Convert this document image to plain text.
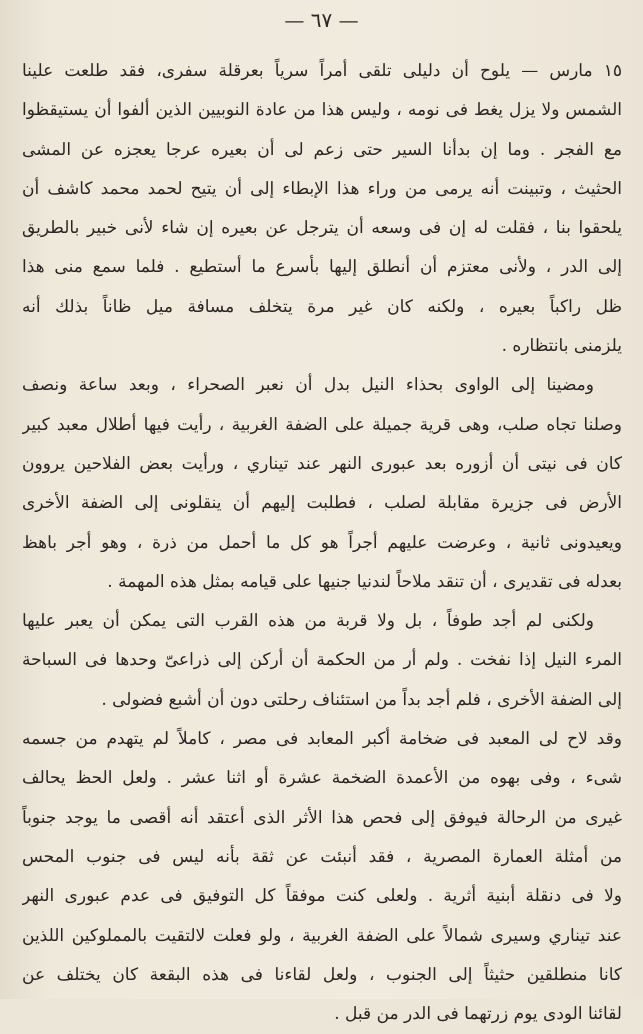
— ٦٧ —
١٥ مارس — يلوح أن دليلى تلقى أمراً سرياً بعرقلة سفرى، فقد طلعت علينا
الشمس ولا يزل يغط فى نومه ، وليس هذا من عادة النوبيين الذين ألفوا أن يستيقظوا
مع الفجر . وما إن بدأنا السير حتى زعم لى أن بعيره عرجا يعجزه عن المشى
الحثيث ، وتبينت أنه يرمى من وراء هذا الإبطاء إلى أن يتيح لحمد محمد كاشف أن
يلحقوا بنا ، فقلت له إن فى وسعه أن يترجل عن بعيره إن شاء لأنى خبير بالطريق
إلى الدر ، ولأنى معتزم أن أنطلق إليها بأسرع ما أستطيع . فلما سمع منى هذا
ظل راكباً بعيره ، ولكنه كان غير مرة يتخلف مسافة ميل ظاناً بذلك أنه
يلزمنى بانتظاره .
ومضينا إلى الواوى بحذاء النيل بدل أن نعبر الصحراء ، وبعد ساعة ونصف
وصلنا تجاه صلب، وهى قرية جميلة على الضفة الغربية ، رأيت فيها أطلال معبد كبير
كان فى نيتى أن أزوره بعد عبورى النهر عند تيناري ، ورأيت بعض الفلاحين يروون
الأرض فى جزيرة مقابلة لصلب ، فطلبت إليهم أن ينقلونى إلى الضفة الأخرى
ويعيدونى ثانية ، وعرضت عليهم أجراً هو كل ما أحمل من ذرة ، وهو أجر باهظ
بعدله فى تقديرى ، أن تنقد ملاحاً لندنيا جنيها على قيامه بمثل هذه المهمة .
ولكنى لم أجد طوفاً ، بل ولا قربة من هذه القرب التى يمكن أن يعبر عليها
المرء النيل إذا نفخت . ولم أر من الحكمة أن أركن إلى ذراعىّ وحدها فى السباحة
إلى الضفة الأخرى ، فلم أجد بداً من استئناف رحلتى دون أن أشبع فضولى .
وقد لاح لى المعبد فى ضخامة أكبر المعابد فى مصر ، كاملاً لم يتهدم من جسمه
شىء ، وفى بهوه من الأعمدة الضخمة عشرة أو اثنا عشر . ولعل الحظ يحالف
غيرى من الرحالة فيوفق إلى فحص هذا الأثر الذى أعتقد أنه أقصى ما يوجد جنوباً
من أمثلة العمارة المصرية ، فقد أنبئت عن ثقة بأنه ليس فى جنوب المحس
ولا فى دنقلة أبنية أثرية . ولعلى كنت موفقاً كل التوفيق فى عدم عبورى النهر
عند تيناري وسيرى شمالاً على الضفة الغربية ، ولو فعلت لالتقيت بالمملوكين اللذين
كانا منطلقين حثيثاً إلى الجنوب ، ولعل لقاءنا فى هذه البقعة كان يختلف عن
لقائنا الودى يوم زرتهما فى الدر من قبل .
